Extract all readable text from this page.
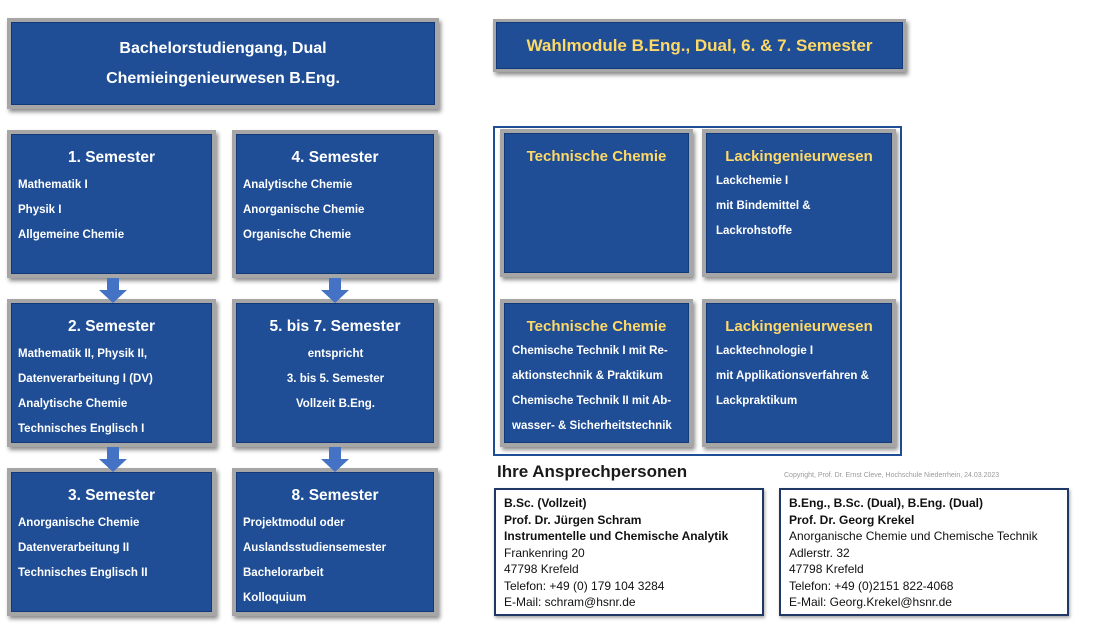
Bachelorstudiengang, Dual
Chemieingenieurwesen B.Eng.
Wahlmodule B.Eng., Dual, 6. & 7. Semester
1. Semester
Mathematik I
Physik I
Allgemeine Chemie
2. Semester
Mathematik II, Physik II,
Datenverarbeitung I (DV)
Analytische Chemie
Technisches Englisch I
3. Semester
Anorganische Chemie
Datenverarbeitung II
Technisches Englisch II
4. Semester
Analytische Chemie
Anorganische Chemie
Organische Chemie
5. bis 7. Semester
entspricht
3. bis 5. Semester
Vollzeit B.Eng.
8. Semester
Projektmodul oder
Auslandsstudiensemester
Bachelorarbeit
Kolloquium
Technische Chemie	Lackingenieurwesen
Lackchemie I
mit Bindemittel &
Lackrohstoffe
Technische Chemie
Chemische Technik I mit Re-
aktionstechnik & Praktikum
Chemische Technik II mit Ab-
wasser- & Sicherheitstechnik
Lackingenieurwesen
Lacktechnologie I
mit Applikationsverfahren &
Lackpraktikum
Ihre Ansprechpersonen	Copyright, Prof. Dr. Ernst Cleve, Hochschule Niederrhein, 24.03.2023
B.Sc. (Vollzeit)
Prof. Dr. Jürgen Schram
Instrumentelle und Chemische Analytik
Frankenring 20
47798 Krefeld
Telefon: +49 (0) 179 104 3284
E-Mail: schram@hsnr.de
B.Eng., B.Sc. (Dual), B.Eng. (Dual)
Prof. Dr. Georg Krekel
Anorganische Chemie und Chemische Technik
Adlerstr. 32
47798 Krefeld
Telefon: +49 (0)2151 822-4068
E-Mail: Georg.Krekel@hsnr.de
